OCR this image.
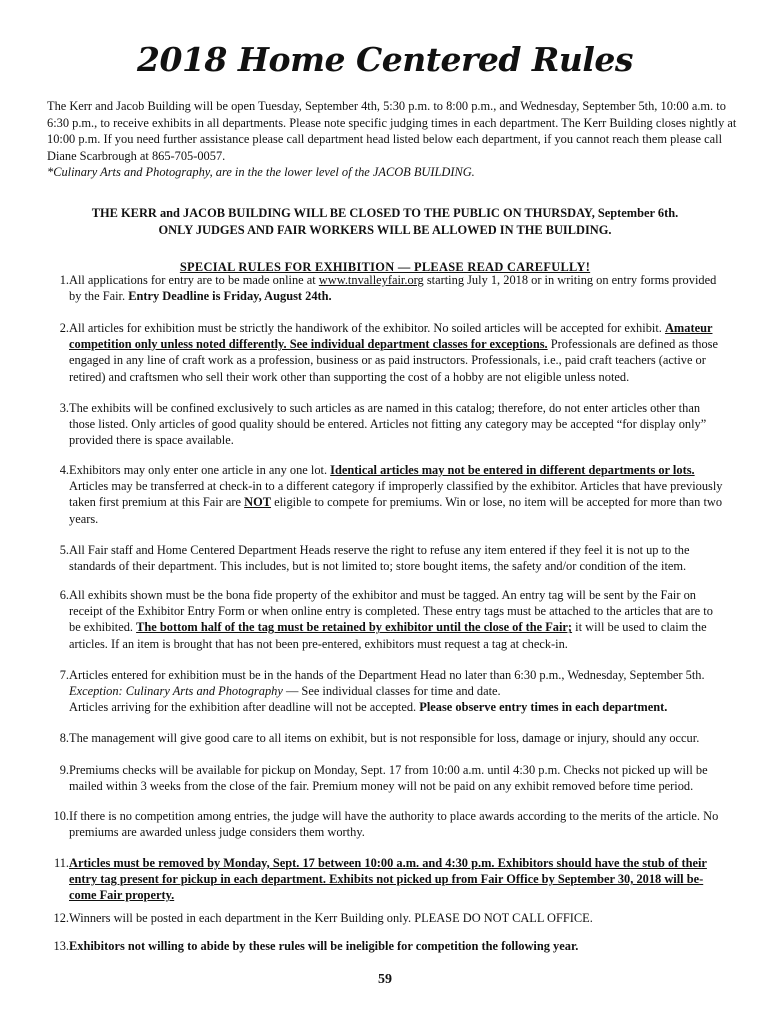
2018 Home Centered Rules

The Kerr and Jacob Building will be open Tuesday, September 4th, 5:30 p.m. to 8:00 p.m., and Wednesday, September 5th, 10:00 a.m. to 6:30 p.m., to receive exhibits in all departments. Please note specific judging times in each department. The Kerr Building closes nightly at 10:00 p.m. If you need further assistance please call department head listed below each department, if you cannot reach them please call Diane Scarbrough at 865-705-0057.

*Culinary Arts and Photography, are in the the lower level of the JACOB BUILDING.

THE KERR and JACOB BUILDING WILL BE CLOSED TO THE PUBLIC ON THURSDAY, September 6th.

ONLY JUDGES AND FAIR WORKERS WILL BE ALLOWED IN THE BUILDING.

SPECIAL RULES FOR EXHIBITION — PLEASE READ CAREFULLY!
1. All applications for entry are to be made online at www.tnvalleyfair.org starting July 1, 2018 or in writing on entry forms provided by the Fair. Entry Deadline is Friday, August 24th.
2. All articles for exhibition must be strictly the handiwork of the exhibitor. No soiled articles will be accepted for exhibit. Amateur competition only unless noted differently. See individual department classes for exceptions. Professionals are defined as those engaged in any line of craft work as a profession, business or as paid instructors. Professionals, i.e., paid craft teachers (active or retired) and craftsmen who sell their work other than supporting the cost of a hobby are not eligible unless noted.
3. The exhibits will be confined exclusively to such articles as are named in this catalog; therefore, do not enter articles other than those listed. Only articles of good quality should be entered. Articles not fitting any category may be accepted “for display only” provided there is space available.
4. Exhibitors may only enter one article in any one lot. Identical articles may not be entered in different departments or lots. Articles may be transferred at check-in to a different category if improperly classified by the exhibitor. Articles that have previously taken first premium at this Fair are NOT eligible to compete for premiums. Win or lose, no item will be accepted for more than two years.
5. All Fair staff and Home Centered Department Heads reserve the right to refuse any item entered if they feel it is not up to the standards of their department. This includes, but is not limited to; store bought items, the safety and/or condition of the item.
6. All exhibits shown must be the bona fide property of the exhibitor and must be tagged. An entry tag will be sent by the Fair on receipt of the Exhibitor Entry Form or when online entry is completed. These entry tags must be attached to the articles that are to be exhibited. The bottom half of the tag must be retained by exhibitor until the close of the Fair; it will be used to claim the articles. If an item is brought that has not been pre-entered, exhibitors must request a tag at check-in.
7. Articles entered for exhibition must be in the hands of the Department Head no later than 6:30 p.m., Wednesday, September 5th.
Exception: Culinary Arts and Photography — See individual classes for time and date.
Articles arriving for the exhibition after deadline will not be accepted. Please observe entry times in each department.
8. The management will give good care to all items on exhibit, but is not responsible for loss, damage or injury, should any occur.
9. Premiums checks will be available for pickup on Monday, Sept. 17 from 10:00 a.m. until 4:30 p.m. Checks not picked up will be mailed within 3 weeks from the close of the fair. Premium money will not be paid on any exhibit removed before time period.
10. If there is no competition among entries, the judge will have the authority to place awards according to the merits of the article. No premiums are awarded unless judge considers them worthy.
11. Articles must be removed by Monday, Sept. 17 between 10:00 a.m. and 4:30 p.m. Exhibitors should have the stub of their entry tag present for pickup in each department. Exhibits not picked up from Fair Office by September 30, 2018 will be-come Fair property.
12. Winners will be posted in each department in the Kerr Building only. PLEASE DO NOT CALL OFFICE.
13. Exhibitors not willing to abide by these rules will be ineligible for competition the following year.
59
